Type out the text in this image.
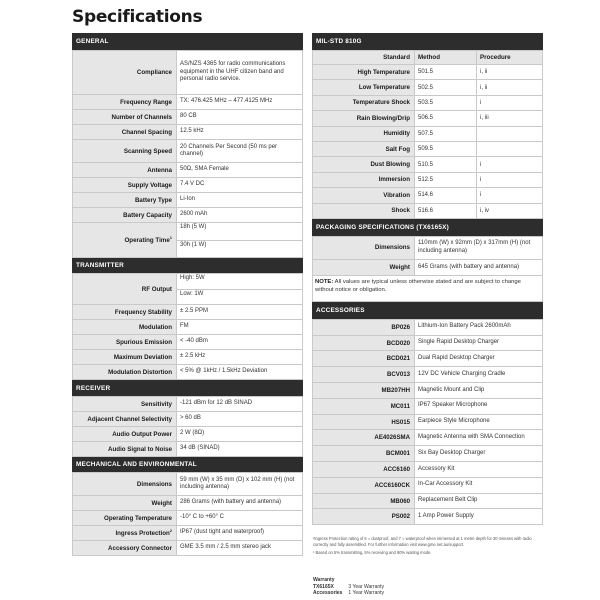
Specifications
GENERAL
Compliance	AS/NZS 4365 for radio communications equipment in the UHF citizen band and personal radio service.

Frequency Range	TX: 476.425 MHz – 477.4125 MHz

Number of Channels	80 CB

Channel Spacing	12.5 kHz

Scanning Speed	20 Channels Per Second (50 ms per channel)

Antenna	50Ω, SMA Female

Supply Voltage	7.4 V DC

Battery Type	Li-Ion

Battery Capacity	2600 mAh

Operating Time$^1$	18h (5 W)
30h (1 W)
TRANSMITTER
RF Output	High: 5W
Low: 1W

Frequency Stability	± 2.5 PPM

Modulation	FM

Spurious Emission	< -40 dBm

Maximum Deviation	± 2.5 kHz

Modulation Distortion	< 5% @ 1kHz / 1.5kHz Deviation
RECEIVER
Sensitivity	-121 dBm for 12 dB SINAD

Adjacent Channel Selectivity	> 60 dB

Audio Output Power	2 W (8Ω)

Audio Signal to Noise	34 dB (SINAD)
MECHANICAL AND ENVIRONMENTAL
Dimensions	59 mm (W) x 35 mm (D) x 102 mm (H) (not including antenna)

Weight	286 Grams (with battery and antenna)

Operating Temperature	-10° C to +60° C

Ingress Protection$^2$	IP67 (dust tight and waterproof)

Accessory Connector	GME 3.5 mm / 2.5 mm stereo jack
MIL-STD 810G
Standard	Method	Procedure
High Temperature	501.5	i, ii
Low Temperature	502.5	i, ii
Temperature Shock	503.5	i
Rain Blowing/Drip	506.5	i, iii
Humidity	507.5	
Salt Fog	509.5	
Dust Blowing	510.5	i
Immersion	512.5	i
Vibration	514.6	i
Shock	516.6	i, iv
PACKAGING SPECIFICATIONS (TX6165X)
Dimensions	110mm (W) x 92mm (D) x 317mm (H) (not including antenna)

Weight	645 Grams (with battery and antenna)
NOTE: All values are typical unless otherwise stated and are subject to change without notice or obligation.
ACCESSORIES
BP026	Lithium-Ion Battery Pack 2600mAh

BCD020	Single Rapid Desktop Charger

BCD021	Dual Rapid Desktop Charger

BCV013	12V DC Vehicle Charging Cradle

MB207HH	Magnetic Mount and Clip

MC011	IP67 Speaker Microphone

HS015	Earpiece Style Microphone

AE4026SMA	Magnetic Antenna with SMA Connection

BCM001	Six Bay Desktop Charger

ACC6160	Accessory Kit

ACC6160CK	In-Car Accessory Kit

MB060	Replacement Belt Clip

PS002	1 Amp Power Supply

²Ingress Protection rating of 6 = dustproof, and 7 = waterproof when immersed at 1 metre depth for 30 minutes with radio correctly and fully assembled. For further information visit www.gme.net.au/support.

¹ Based on 5% transmitting, 5% receiving and 90% waiting mode.

Warranty
TX6165X	3 Year Warranty
Accessories 1 Year Warranty
